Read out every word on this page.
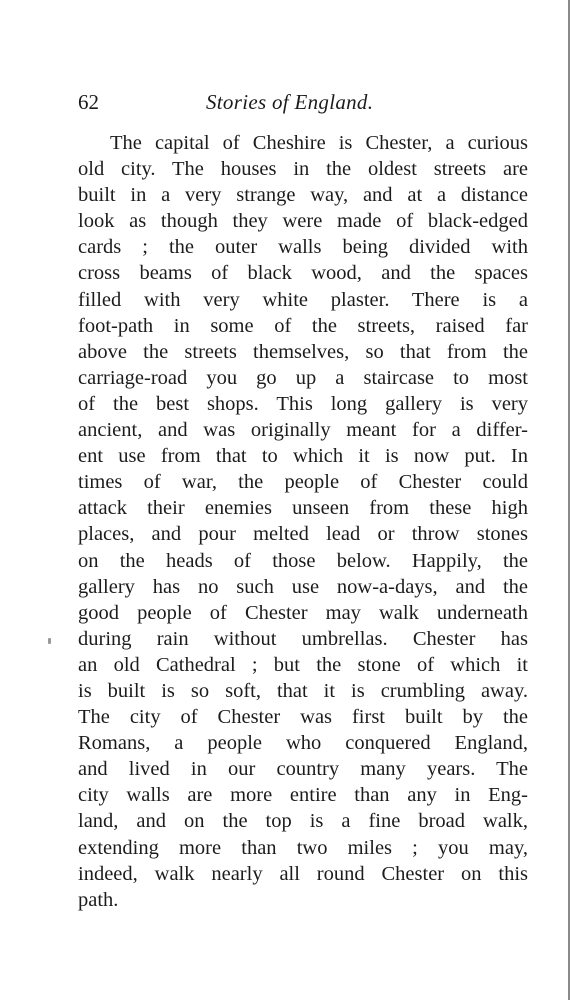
62	Stories of England.
The capital of Cheshire is Chester, a curious
old city. The houses in the oldest streets are
built in a very strange way, and at a distance
look as though they were made of black-edged
cards ; the outer walls being divided with
cross beams of black wood, and the spaces
filled with very white plaster. There is a
foot-path in some of the streets, raised far
above the streets themselves, so that from the
carriage-road you go up a staircase to most
of the best shops. This long gallery is very
ancient, and was originally meant for a differ-
ent use from that to which it is now put. In
times of war, the people of Chester could
attack their enemies unseen from these high
places, and pour melted lead or throw stones
on the heads of those below. Happily, the
gallery has no such use now-a-days, and the
good people of Chester may walk underneath
during rain without umbrellas. Chester has
an old Cathedral ; but the stone of which it
is built is so soft, that it is crumbling away.
The city of Chester was first built by the
Romans, a people who conquered England,
and lived in our country many years. The
city walls are more entire than any in Eng-
land, and on the top is a fine broad walk,
extending more than two miles ; you may,
indeed, walk nearly all round Chester on this
path.
